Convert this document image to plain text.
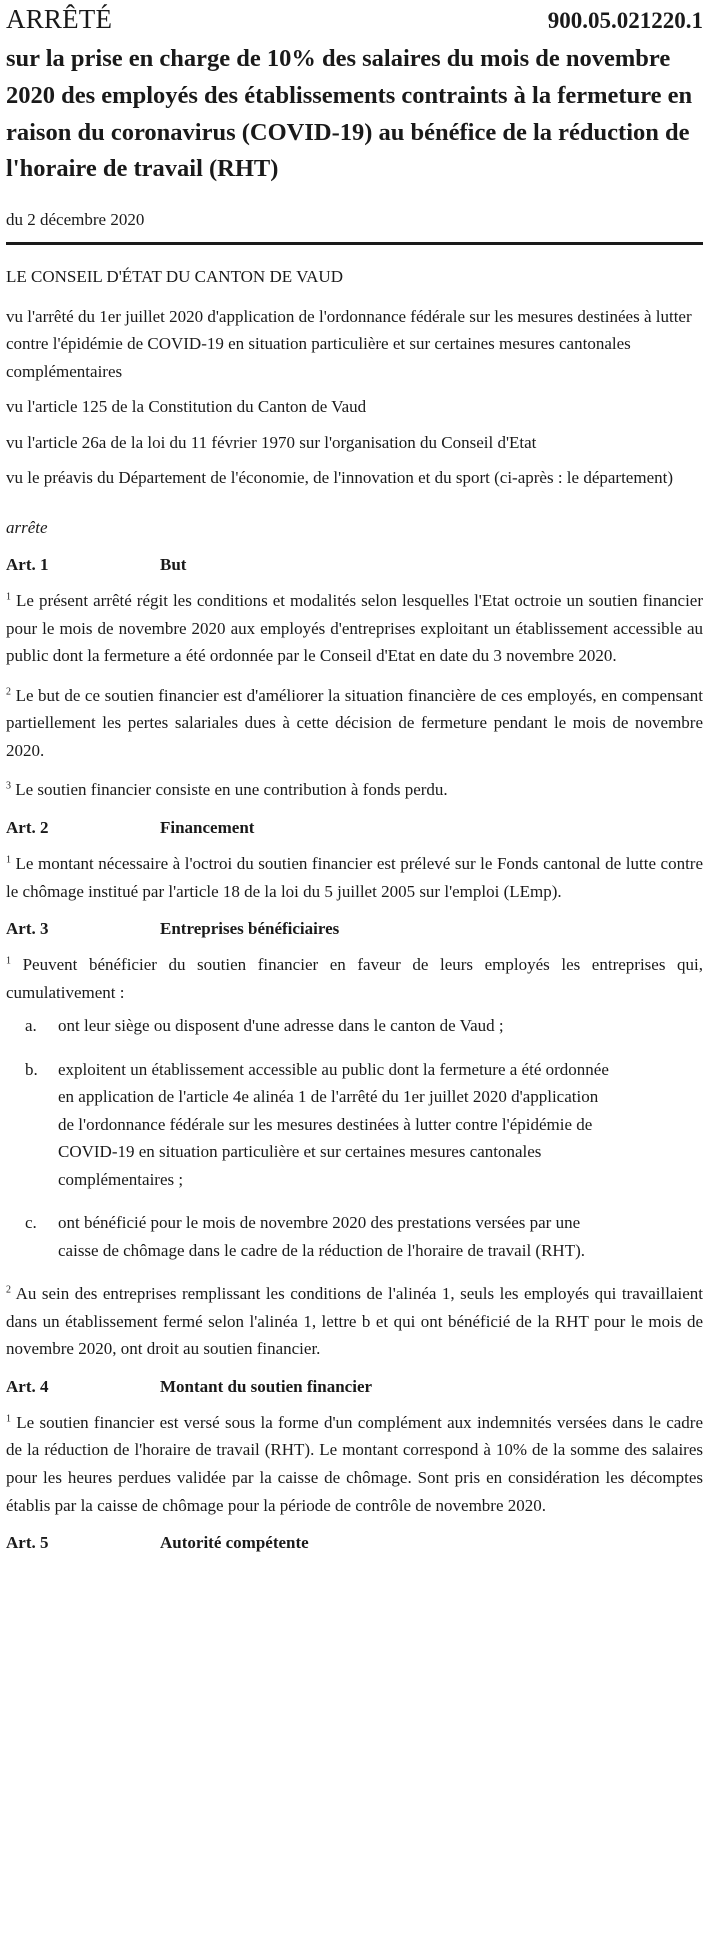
ARRÊTÉ	900.05.021220.1

sur la prise en charge de 10% des salaires du mois de novembre 2020 des employés des établissements contraints à la fermeture en raison du coronavirus (COVID-19) au bénéfice de la réduction de l'horaire de travail (RHT)

du 2 décembre 2020

LE CONSEIL D'ÉTAT DU CANTON DE VAUD

vu l'arrêté du 1er juillet 2020 d'application de l'ordonnance fédérale sur les mesures destinées à lutter contre l'épidémie de COVID-19 en situation particulière et sur certaines mesures cantonales complémentaires

vu l'article 125 de la Constitution du Canton de Vaud

vu l'article 26a de la loi du 11 février 1970 sur l'organisation du Conseil d'Etat

vu le préavis du Département de l'économie, de l'innovation et du sport (ci-après : le département)

arrête

Art. 1	But

$^1$ Le présent arrêté régit les conditions et modalités selon lesquelles l'Etat octroie un soutien financier pour le mois de novembre 2020 aux employés d'entreprises exploitant un établissement accessible au public dont la fermeture a été ordonnée par le Conseil d'Etat en date du 3 novembre 2020.

$^2$ Le but de ce soutien financier est d'améliorer la situation financière de ces employés, en compensant partiellement les pertes salariales dues à cette décision de fermeture pendant le mois de novembre 2020.

$^3$ Le soutien financier consiste en une contribution à fonds perdu.

Art. 2	Financement

$^1$ Le montant nécessaire à l'octroi du soutien financier est prélevé sur le Fonds cantonal de lutte contre le chômage institué par l'article 18 de la loi du 5 juillet 2005 sur l'emploi (LEmp).

Art. 3	Entreprises bénéficiaires

$^1$ Peuvent bénéficier du soutien financier en faveur de leurs employés les entreprises qui, cumulativement :

a.	ont leur siège ou disposent d'une adresse dans le canton de Vaud ;
b.	exploitent un établissement accessible au public dont la fermeture a été ordonnée en application de l'article 4e alinéa 1 de l'arrêté du 1er juillet 2020 d'application de l'ordonnance fédérale sur les mesures destinées à lutter contre l'épidémie de COVID-19 en situation particulière et sur certaines mesures cantonales complémentaires ;
c.	ont bénéficié pour le mois de novembre 2020 des prestations versées par une caisse de chômage dans le cadre de la réduction de l'horaire de travail (RHT).

$^2$ Au sein des entreprises remplissant les conditions de l'alinéa 1, seuls les employés qui travaillaient dans un établissement fermé selon l'alinéa 1, lettre b et qui ont bénéficié de la RHT pour le mois de novembre 2020, ont droit au soutien financier.

Art. 4	Montant du soutien financier

$^1$ Le soutien financier est versé sous la forme d'un complément aux indemnités versées dans le cadre de la réduction de l'horaire de travail (RHT). Le montant correspond à 10% de la somme des salaires pour les heures perdues validée par la caisse de chômage. Sont pris en considération les décomptes établis par la caisse de chômage pour la période de contrôle de novembre 2020.

Art. 5	Autorité compétente
